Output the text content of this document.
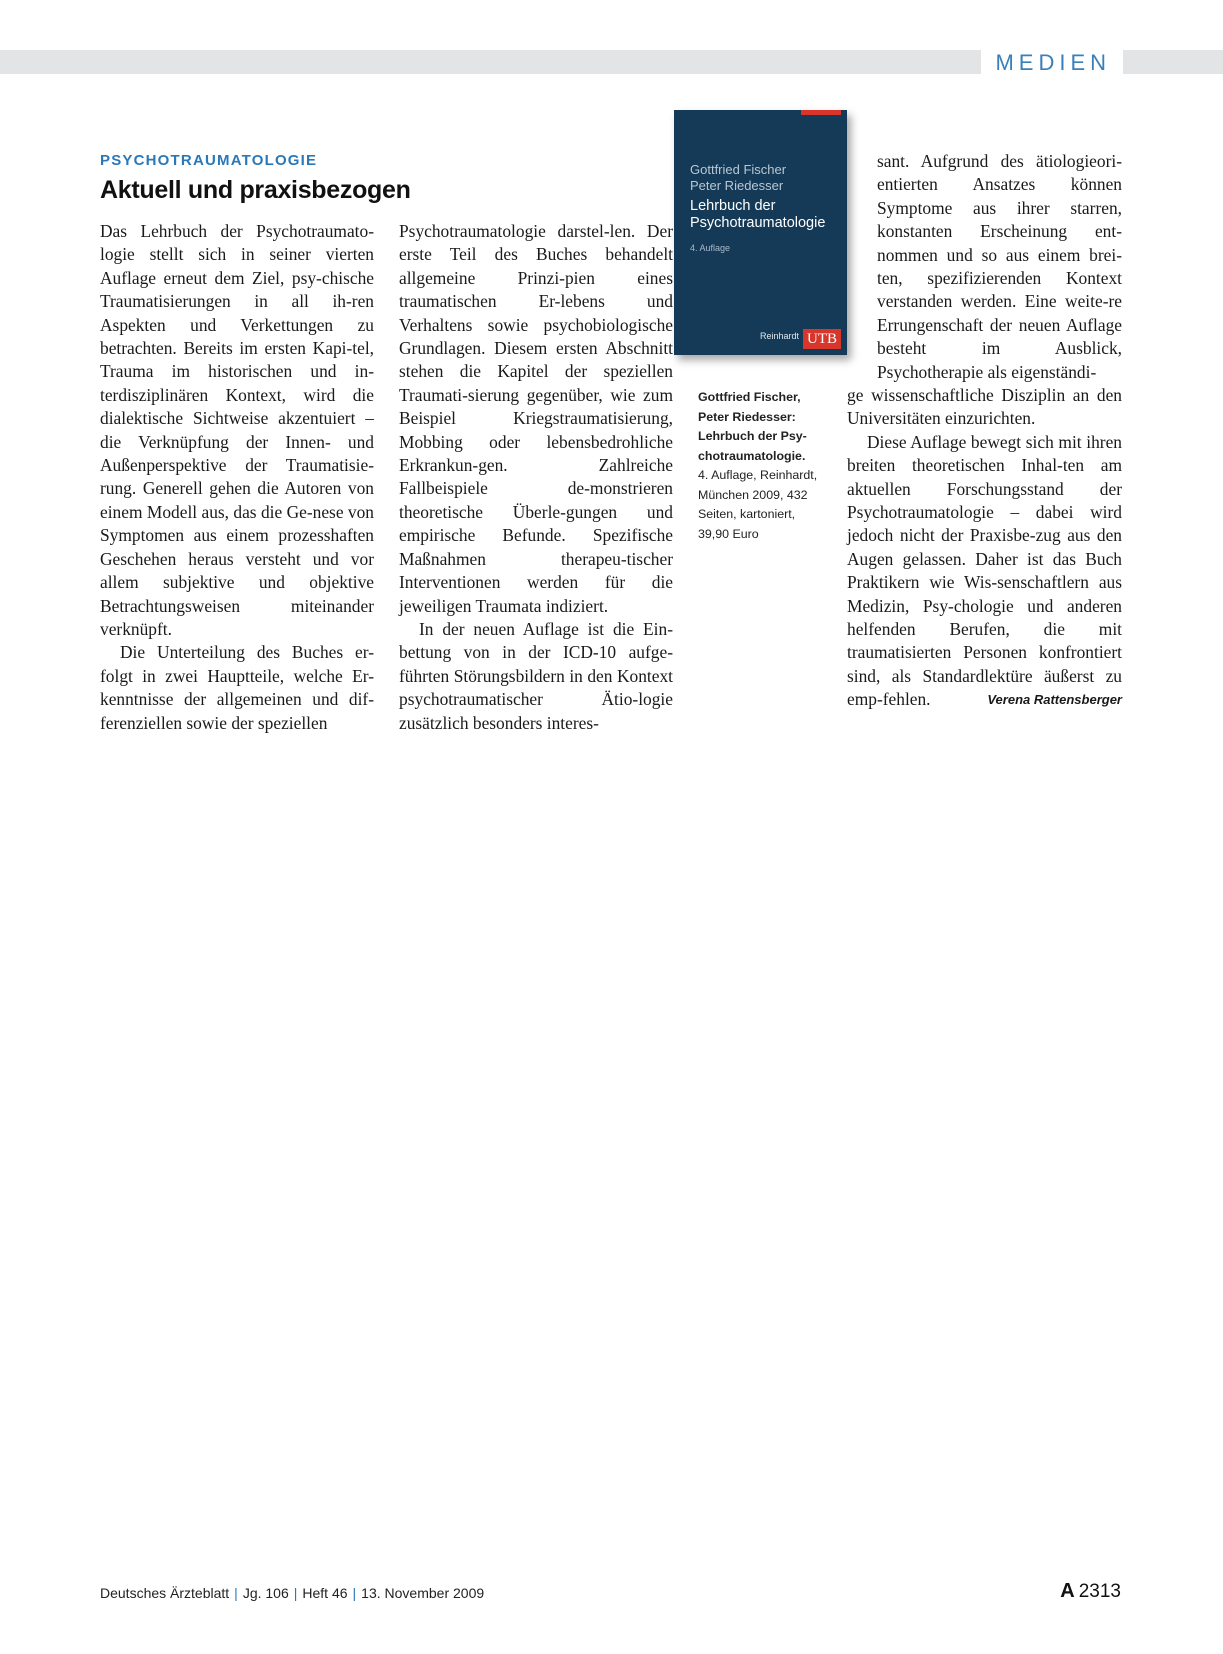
MEDIEN
PSYCHOTRAUMATOLOGIE
Aktuell und praxisbezogen

Das Lehrbuch der Psychotraumato-logie stellt sich in seiner vierten Auflage erneut dem Ziel, psy-chische Traumatisierungen in all ih-ren Aspekten und Verkettungen zu betrachten. Bereits im ersten Kapi-tel, Trauma im historischen und in-terdisziplinären Kontext, wird die dialektische Sichtweise akzentuiert – die Verknüpfung der Innen- und Außenperspektive der Traumatisie-rung. Generell gehen die Autoren von einem Modell aus, das die Ge-nese von Symptomen aus einem prozesshaften Geschehen heraus versteht und vor allem subjektive und objektive Betrachtungsweisen miteinander verknüpft.

Die Unterteilung des Buches er-folgt in zwei Hauptteile, welche Er-kenntnisse der allgemeinen und dif-ferenziellen sowie der speziellen

Psychotraumatologie darstel-len. Der erste Teil des Buches behandelt allgemeine Prinzi-pien eines traumatischen Er-lebens und Verhaltens sowie psychobiologische Grundlagen. Diesem ersten Abschnitt stehen die Kapitel der speziellen Traumati-sierung gegenüber, wie zum Beispiel Kriegstraumatisierung, Mobbing oder lebensbedrohliche Erkrankun-gen. Zahlreiche Fallbeispiele de-monstrieren theoretische Überle-gungen und empirische Befunde. Spezifische Maßnahmen therapeu-tischer Interventionen werden für die jeweiligen Traumata indiziert.

In der neuen Auflage ist die Ein-bettung von in der ICD-10 aufge-führten Störungsbildern in den Kontext psychotraumatischer Ätio-logie zusätzlich besonders interes-

Gottfried Fischer
Peter Riedesser
Lehrbuch der
Psychotraumatologie
4. Auflage
Reinhardt UTB
Gottfried Fischer, Peter Riedesser: Lehrbuch der Psy-chotraumatologie.
4. Auflage, Reinhardt, München 2009, 432 Seiten, kartoniert, 39,90 Euro
sant. Aufgrund des ätiologieori-entierten Ansatzes können Symptome aus ihrer starren, konstanten Erscheinung ent-nommen und so aus einem brei-ten, spezifizierenden Kontext verstanden werden. Eine weite-re Errungenschaft der neuen Auflage besteht im Ausblick, Psychotherapie als eigenständi-

ge wissenschaftliche Disziplin an den Universitäten einzurichten.

Diese Auflage bewegt sich mit ihren breiten theoretischen Inhal-ten am aktuellen Forschungsstand der Psychotraumatologie – dabei wird jedoch nicht der Praxisbe-zug aus den Augen gelassen. Daher ist das Buch Praktikern wie Wis-senschaftlern aus Medizin, Psy-chologie und anderen helfenden Berufen, die mit traumatisierten Personen konfrontiert sind, als Standardlektüre äußerst zu emp-fehlen.	Verena Rattensberger

Deutsches Ärzteblatt | Jg. 106 | Heft 46 | 13. November 2009	A 2313
